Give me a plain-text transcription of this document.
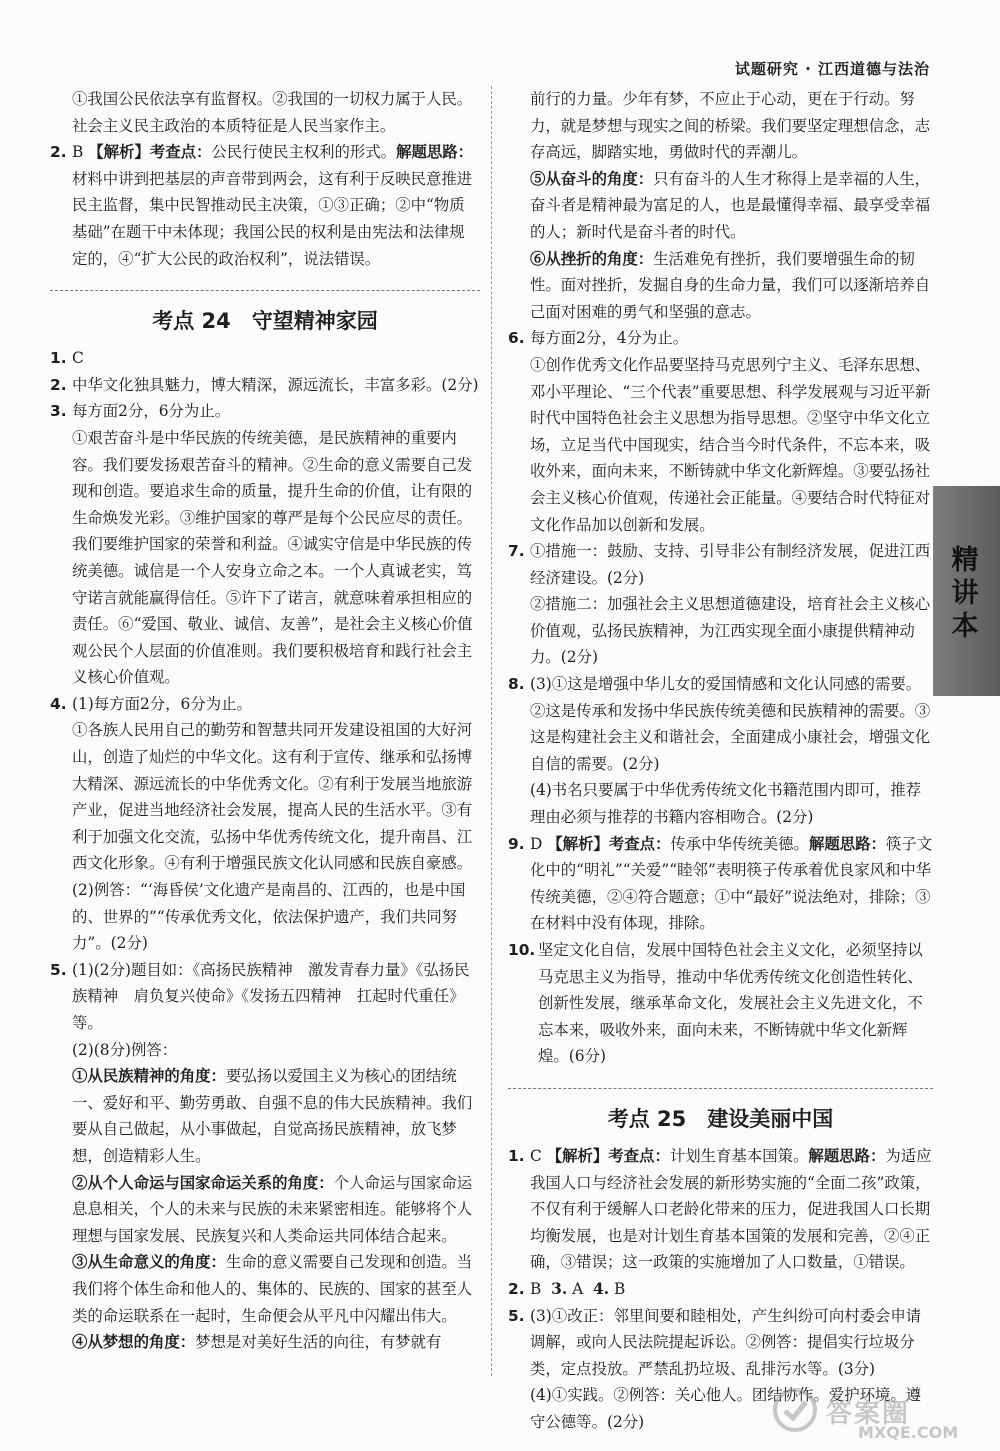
试题研究 · 江西道德与法治

①我国公民依法享有监督权。②我国的一切权力属于人民。社会主义民主政治的本质特征是人民当家作主。

2. B 【解析】考查点：公民行使民主权利的形式。解题思路：材料中讲到把基层的声音带到两会，这有利于反映民意推进民主监督，集中民智推动民主决策，①③正确；②中“物质基础”在题干中未体现；我国公民的权利是由宪法和法律规定的，④“扩大公民的政治权利”，说法错误。

考点 24　守望精神家园
1. C

2. 中华文化独具魅力，博大精深，源远流长，丰富多彩。(2分)

3. 每方面2分，6分为止。

①艰苦奋斗是中华民族的传统美德，是民族精神的重要内容。我们要发扬艰苦奋斗的精神。②生命的意义需要自己发现和创造。要追求生命的质量，提升生命的价值，让有限的生命焕发光彩。③维护国家的尊严是每个公民应尽的责任。我们要维护国家的荣誉和利益。④诚实守信是中华民族的传统美德。诚信是一个人安身立命之本。一个人真诚老实，笃守诺言就能赢得信任。⑤许下了诺言，就意味着承担相应的责任。⑥“爱国、敬业、诚信、友善”，是社会主义核心价值观公民个人层面的价值准则。我们要积极培育和践行社会主义核心价值观。

4. (1)每方面2分，6分为止。

①各族人民用自己的勤劳和智慧共同开发建设祖国的大好河山，创造了灿烂的中华文化。这有利于宣传、继承和弘扬博大精深、源远流长的中华优秀文化。②有利于发展当地旅游产业，促进当地经济社会发展，提高人民的生活水平。③有利于加强文化交流，弘扬中华优秀传统文化，提升南昌、江西文化形象。④有利于增强民族文化认同感和民族自豪感。

(2)例答：“‘海昏侯’文化遗产是南昌的、江西的，也是中国的、世界的”“传承优秀文化，依法保护遗产，我们共同努力”。(2分)

5. (1)(2分)题目如：《高扬民族精神　激发青春力量》《弘扬民族精神　肩负复兴使命》《发扬五四精神　扛起时代重任》等。

(2)(8分)例答：

①从民族精神的角度：要弘扬以爱国主义为核心的团结统一、爱好和平、勤劳勇敢、自强不息的伟大民族精神。我们要从自己做起，从小事做起，自觉高扬民族精神，放飞梦想，创造精彩人生。

②从个人命运与国家命运关系的角度：个人命运与国家命运息息相关，个人的未来与民族的未来紧密相连。能够将个人理想与国家发展、民族复兴和人类命运共同体结合起来。

③从生命意义的角度：生命的意义需要自己发现和创造。当我们将个体生命和他人的、集体的、民族的、国家的甚至人类的命运联系在一起时，生命便会从平凡中闪耀出伟大。

④从梦想的角度：梦想是对美好生活的向往，有梦就有

前行的力量。少年有梦，不应止于心动，更在于行动。努力，就是梦想与现实之间的桥梁。我们要坚定理想信念，志存高远，脚踏实地，勇做时代的弄潮儿。

⑤从奋斗的角度：只有奋斗的人生才称得上是幸福的人生，奋斗者是精神最为富足的人，也是最懂得幸福、最享受幸福的人；新时代是奋斗者的时代。

⑥从挫折的角度：生活难免有挫折，我们要增强生命的韧性。面对挫折，发掘自身的生命力量，我们可以逐渐培养自己面对困难的勇气和坚强的意志。

6. 每方面2分，4分为止。

①创作优秀文化作品要坚持马克思列宁主义、毛泽东思想、邓小平理论、“三个代表”重要思想、科学发展观与习近平新时代中国特色社会主义思想为指导思想。②坚守中华文化立场，立足当代中国现实，结合当今时代条件，不忘本来，吸收外来，面向未来，不断铸就中华文化新辉煌。③要弘扬社会主义核心价值观，传递社会正能量。④要结合时代特征对文化作品加以创新和发展。

7. ①措施一：鼓励、支持、引导非公有制经济发展，促进江西经济建设。(2分)

②措施二：加强社会主义思想道德建设，培育社会主义核心价值观，弘扬民族精神，为江西实现全面小康提供精神动力。(2分)

8. (3)①这是增强中华儿女的爱国情感和文化认同感的需要。②这是传承和发扬中华民族传统美德和民族精神的需要。③这是构建社会主义和谐社会，全面建成小康社会，增强文化自信的需要。(2分)

(4)书名只要属于中华优秀传统文化书籍范围内即可，推荐理由必须与推荐的书籍内容相吻合。(2分)

9. D 【解析】考查点：传承中华传统美德。解题思路：筷子文化中的“明礼”“关爱”“睦邻”表明筷子传承着优良家风和中华传统美德，②④符合题意；①中“最好”说法绝对，排除；③在材料中没有体现，排除。

10. 坚定文化自信，发展中国特色社会主义文化，必须坚持以马克思主义为指导，推动中华优秀传统文化创造性转化、创新性发展，继承革命文化，发展社会主义先进文化，不忘本来，吸收外来，面向未来，不断铸就中华文化新辉煌。(6分)

考点 25　建设美丽中国
1. C 【解析】考查点：计划生育基本国策。解题思路：为适应我国人口与经济社会发展的新形势实施的“全面二孩”政策，不仅有利于缓解人口老龄化带来的压力，促进我国人口长期均衡发展，也是对计划生育基本国策的发展和完善，②④正确，③错误；这一政策的实施增加了人口数量，①错误。

2. B 3. A 4. B

5. (3)①改正：邻里间要和睦相处，产生纠纷可向村委会申请调解，或向人民法院提起诉讼。②例答：提倡实行垃圾分类，定点投放。严禁乱扔垃圾、乱排污水等。(3分)

(4)①实践。②例答：关心他人。团结协作。爱护环境。遵守公德等。(2分)

精讲本
答案圈
MXQE.COM
